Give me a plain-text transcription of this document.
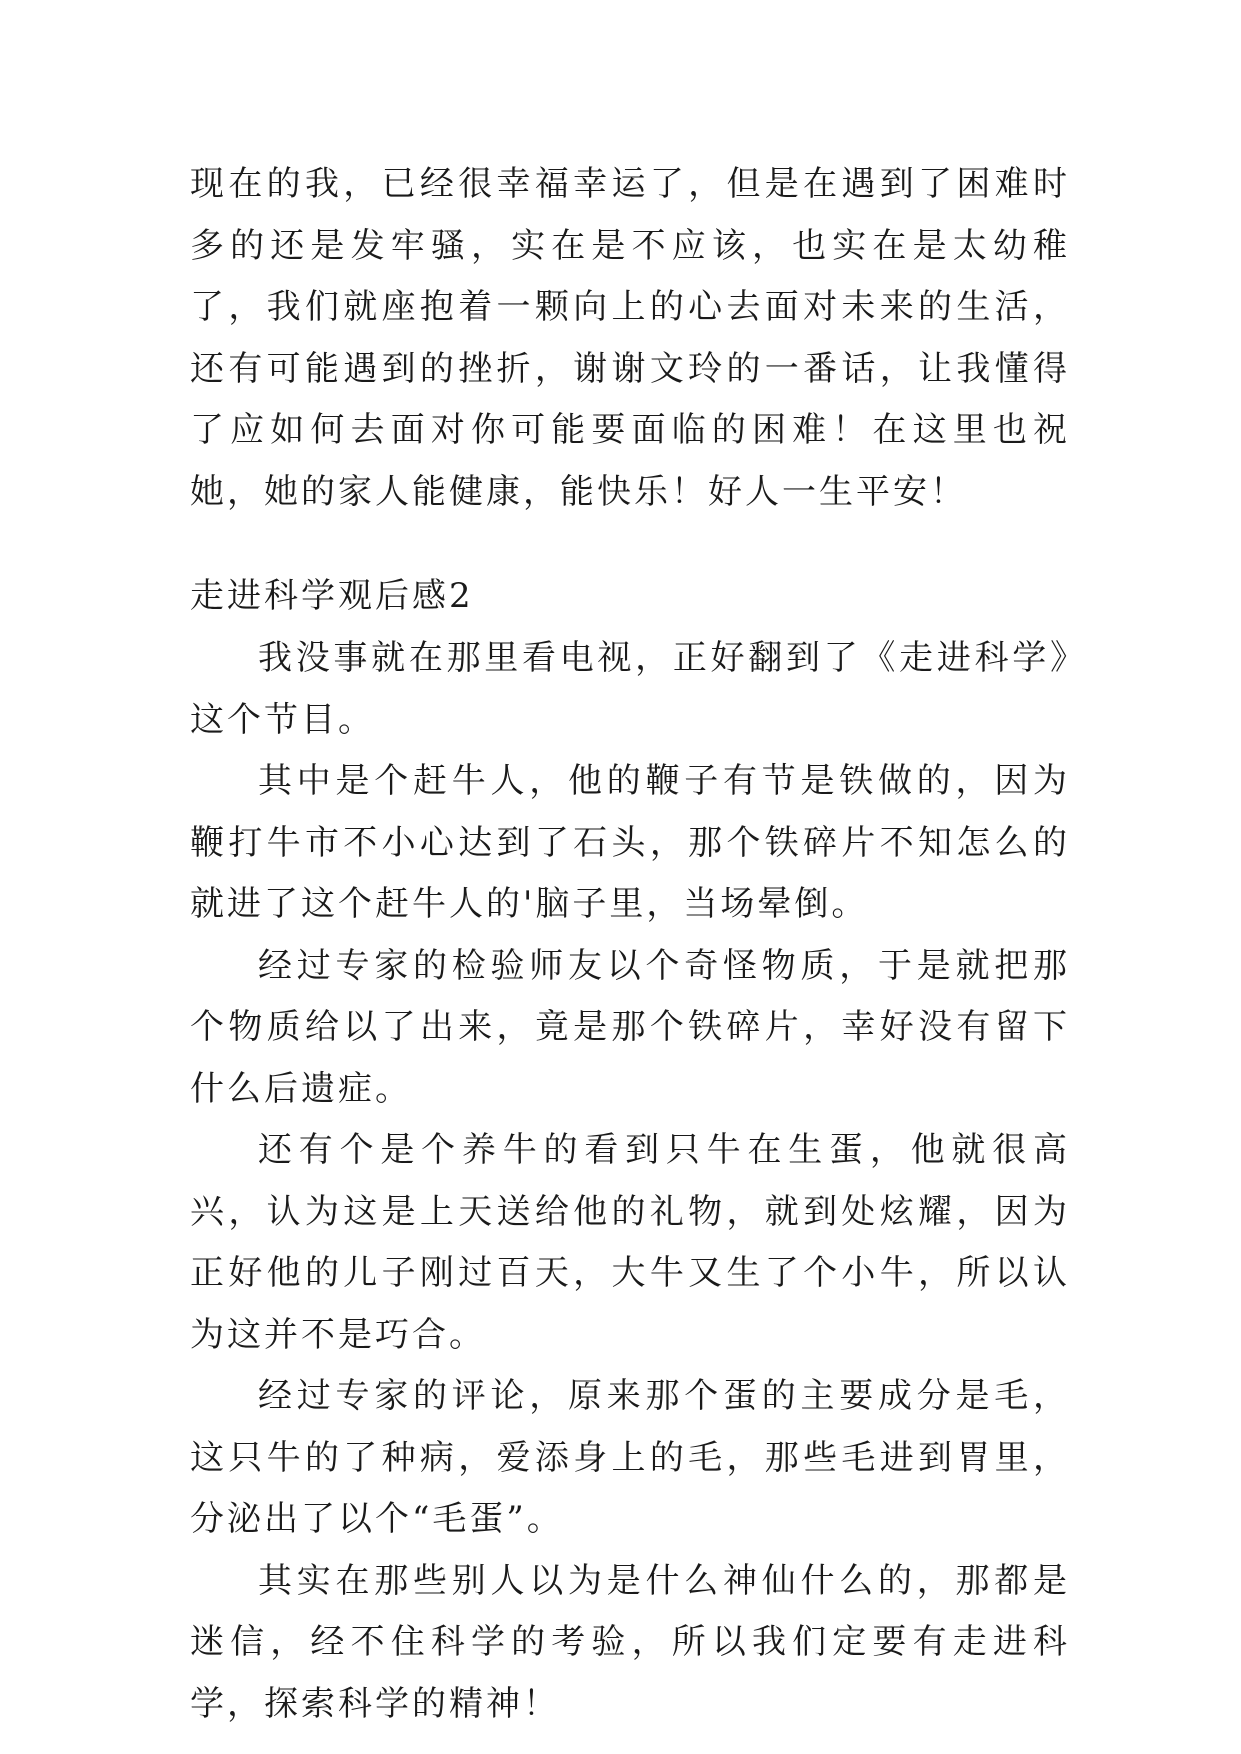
现在的我，已经很幸福幸运了，但是在遇到了困难时多的还是发牢骚，实在是不应该，也实在是太幼稚了，我们就座抱着一颗向上的心去面对未来的生活，还有可能遇到的挫折，谢谢文玲的一番话，让我懂得了应如何去面对你可能要面临的困难！在这里也祝她，她的家人能健康，能快乐！好人一生平安！

走进科学观后感2

我没事就在那里看电视，正好翻到了《走进科学》这个节目。

其中是个赶牛人，他的鞭子有节是铁做的，因为鞭打牛市不小心达到了石头，那个铁碎片不知怎么的就进了这个赶牛人的'脑子里，当场晕倒。

经过专家的检验师友以个奇怪物质，于是就把那个物质给以了出来，竟是那个铁碎片，幸好没有留下什么后遗症。

还有个是个养牛的看到只牛在生蛋，他就很高兴，认为这是上天送给他的礼物，就到处炫耀，因为正好他的儿子刚过百天，大牛又生了个小牛，所以认为这并不是巧合。

经过专家的评论，原来那个蛋的主要成分是毛，这只牛的了种病，爱添身上的毛，那些毛进到胃里，分泌出了以个“毛蛋”。

其实在那些别人以为是什么神仙什么的，那都是迷信，经不住科学的考验，所以我们定要有走进科学，探索科学的精神！
